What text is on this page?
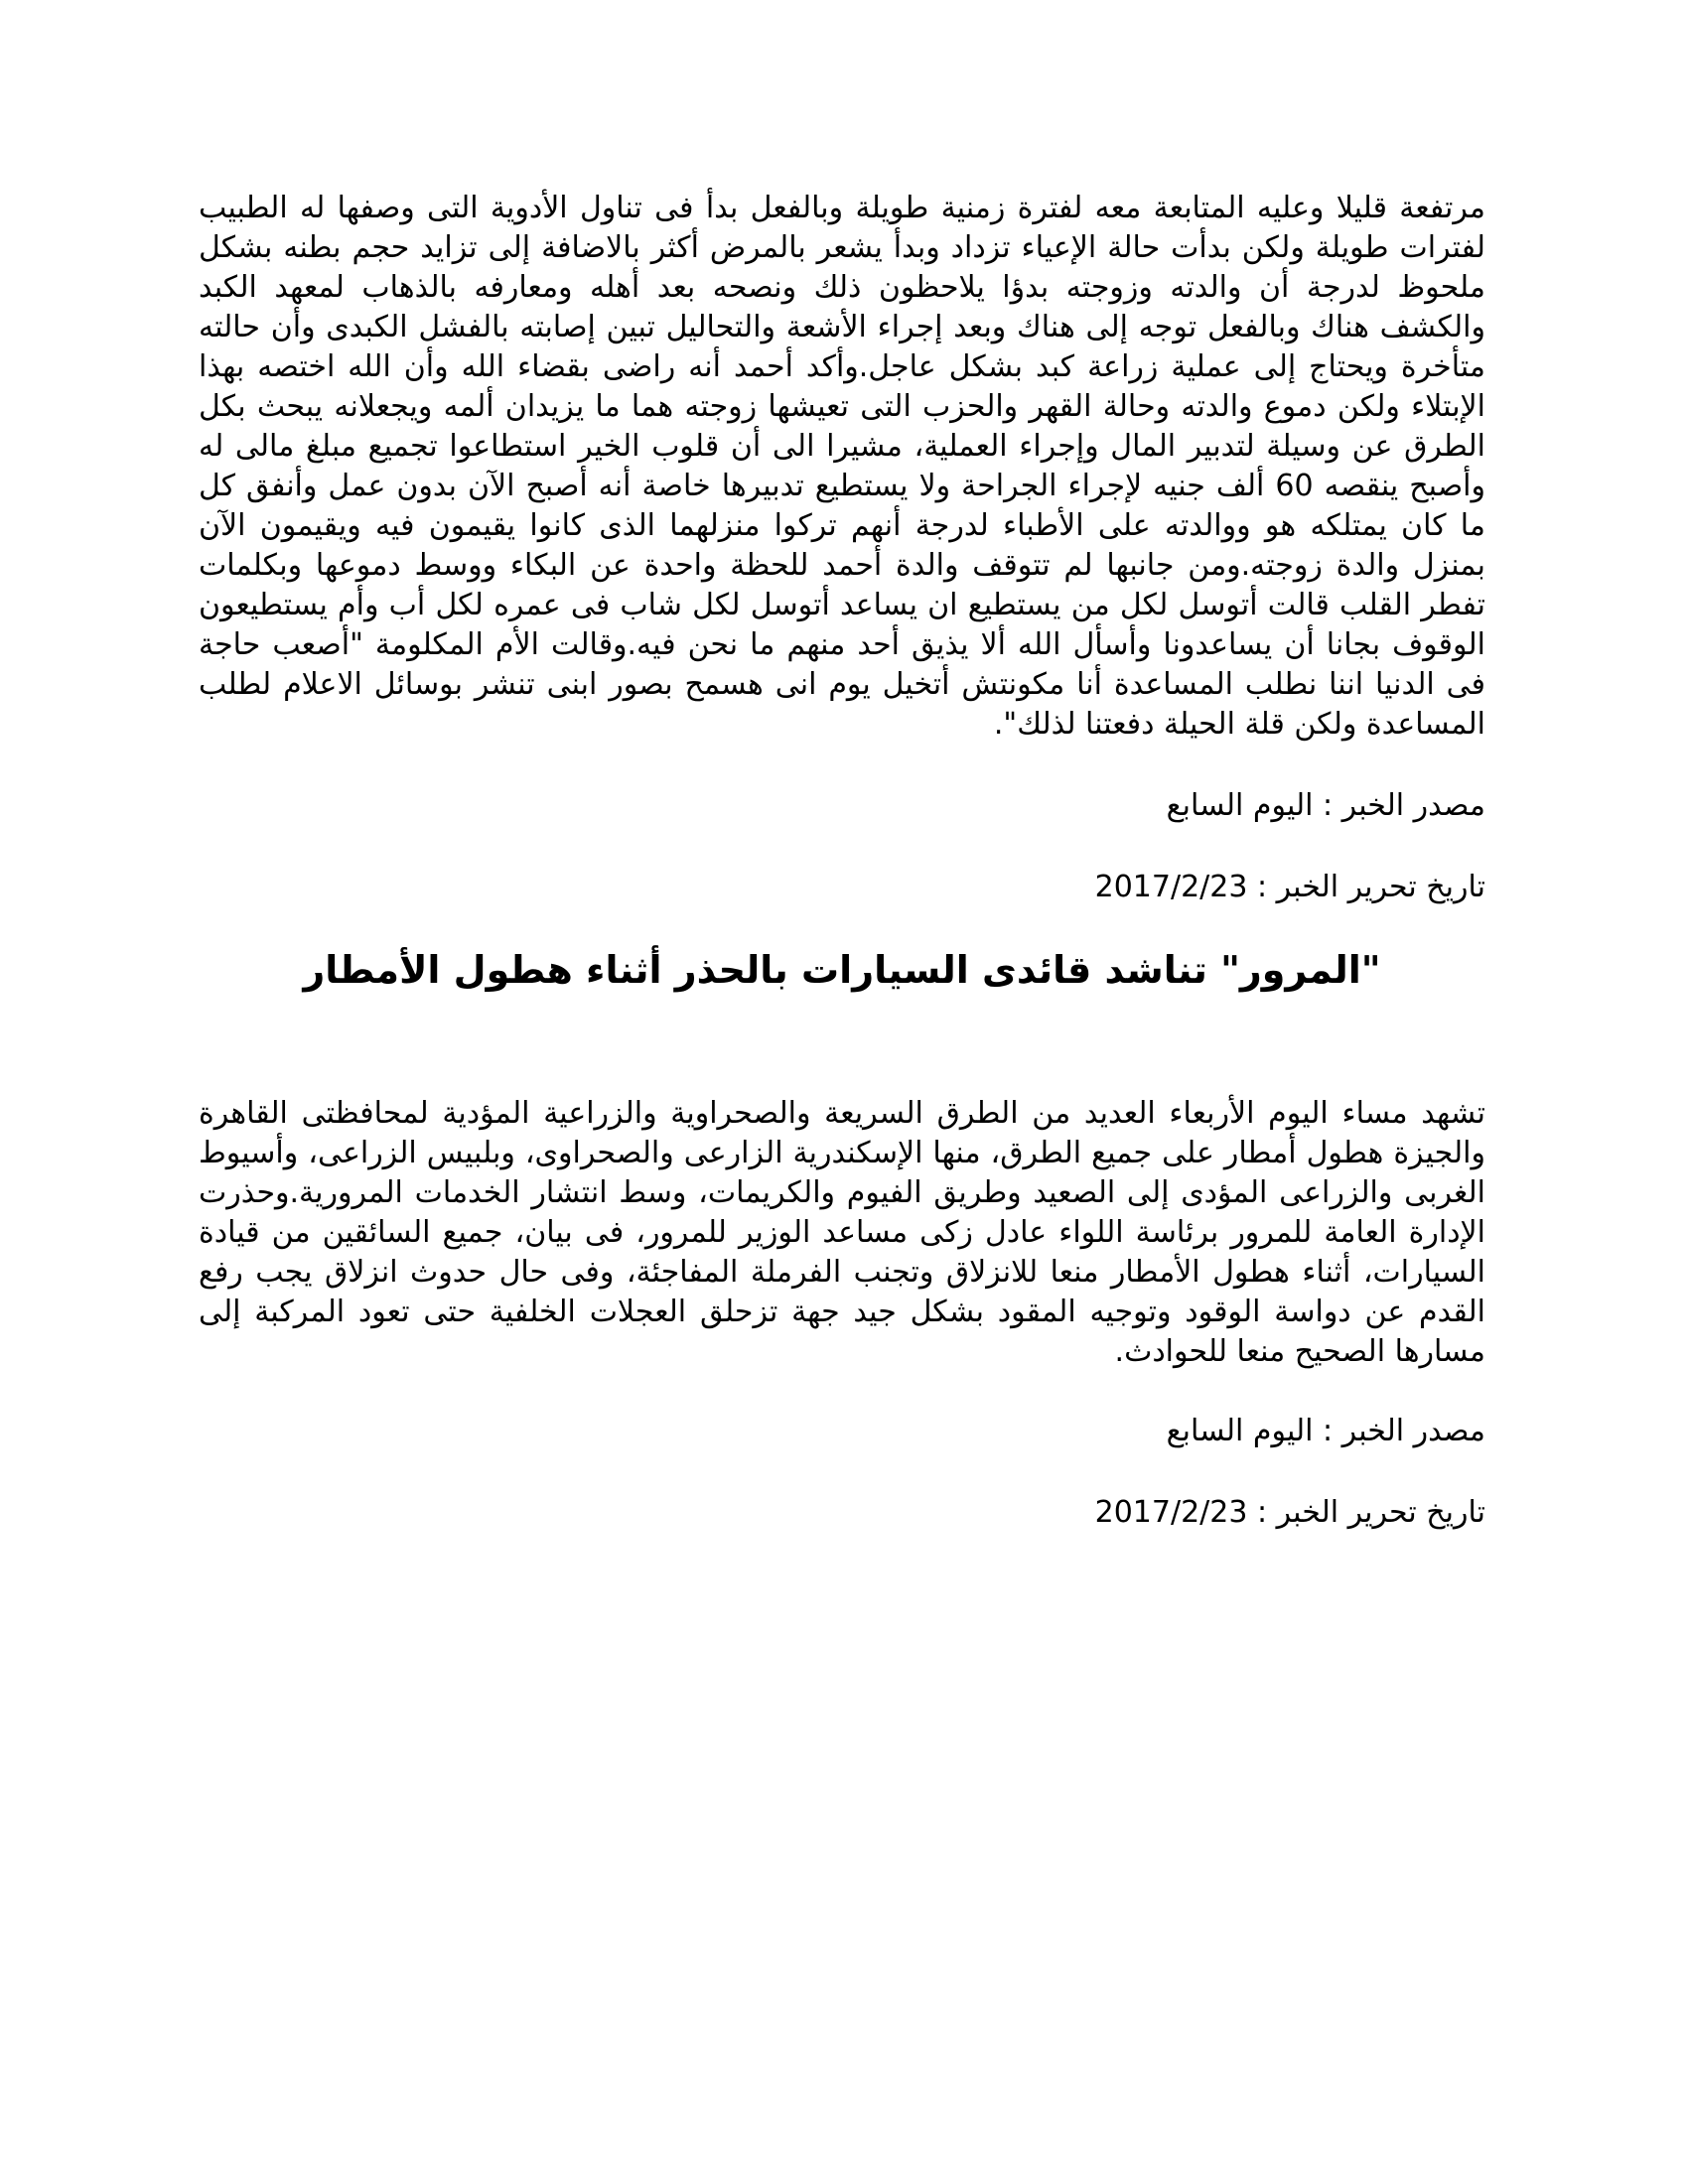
مرتفعة قليلا وعليه المتابعة معه لفترة زمنية طويلة وبالفعل بدأ فى تناول الأدوية التى وصفها له الطبيب لفترات طويلة ولكن بدأت حالة الإعياء تزداد وبدأ يشعر بالمرض أكثر بالاضافة إلى تزايد حجم بطنه بشكل ملحوظ لدرجة أن والدته وزوجته بدؤا يلاحظون ذلك ونصحه بعد أهله ومعارفه بالذهاب لمعهد الكبد والكشف هناك وبالفعل توجه إلى هناك وبعد إجراء الأشعة والتحاليل تبين إصابته بالفشل الكبدى وأن حالته متأخرة ويحتاج إلى عملية زراعة كبد بشكل عاجل.وأكد أحمد أنه راضى بقضاء الله وأن الله اختصه بهذا الإبتلاء ولكن دموع والدته وحالة القهر والحزب التى تعيشها زوجته هما ما يزيدان ألمه ويجعلانه يبحث بكل الطرق عن وسيلة لتدبير المال وإجراء العملية، مشيرا الى أن قلوب الخير استطاعوا تجميع مبلغ مالى له وأصبح ينقصه 60 ألف جنيه لإجراء الجراحة ولا يستطيع تدبيرها خاصة أنه أصبح الآن بدون عمل وأنفق كل ما كان يمتلكه هو ووالدته على الأطباء لدرجة أنهم تركوا منزلهما الذى كانوا يقيمون فيه ويقيمون الآن بمنزل والدة زوجته.ومن جانبها لم تتوقف والدة أحمد للحظة واحدة عن البكاء ووسط دموعها وبكلمات تفطر القلب قالت أتوسل لكل من يستطيع ان يساعد أتوسل لكل شاب فى عمره لكل أب وأم يستطيعون الوقوف بجانا أن يساعدونا وأسأل الله ألا يذيق أحد منهم ما نحن فيه.وقالت الأم المكلومة "أصعب حاجة فى الدنيا اننا نطلب المساعدة أنا مكونتش أتخيل يوم انى هسمح بصور ابنى تنشر بوسائل الاعلام لطلب المساعدة ولكن قلة الحيلة دفعتنا لذلك".

مصدر الخبر : اليوم السابع

تاريخ تحرير الخبر : 2017/2/23

"المرور" تناشد قائدى السيارات بالحذر أثناء هطول الأمطار

تشهد مساء اليوم الأربعاء العديد من الطرق السريعة والصحراوية والزراعية المؤدية لمحافظتى القاهرة والجيزة هطول أمطار على جميع الطرق، منها الإسكندرية الزارعى والصحراوى، وبلبيس الزراعى، وأسيوط الغربى والزراعى المؤدى إلى الصعيد وطريق الفيوم والكريمات، وسط انتشار الخدمات المرورية.وحذرت الإدارة العامة للمرور برئاسة اللواء عادل زكى مساعد الوزير للمرور، فى بيان، جميع السائقين من قيادة السيارات، أثناء هطول الأمطار منعا للانزلاق وتجنب الفرملة المفاجئة، وفى حال حدوث انزلاق يجب رفع القدم عن دواسة الوقود وتوجيه المقود بشكل جيد جهة تزحلق العجلات الخلفية حتى تعود المركبة إلى مسارها الصحيح منعا للحوادث.

مصدر الخبر : اليوم السابع

تاريخ تحرير الخبر : 2017/2/23
